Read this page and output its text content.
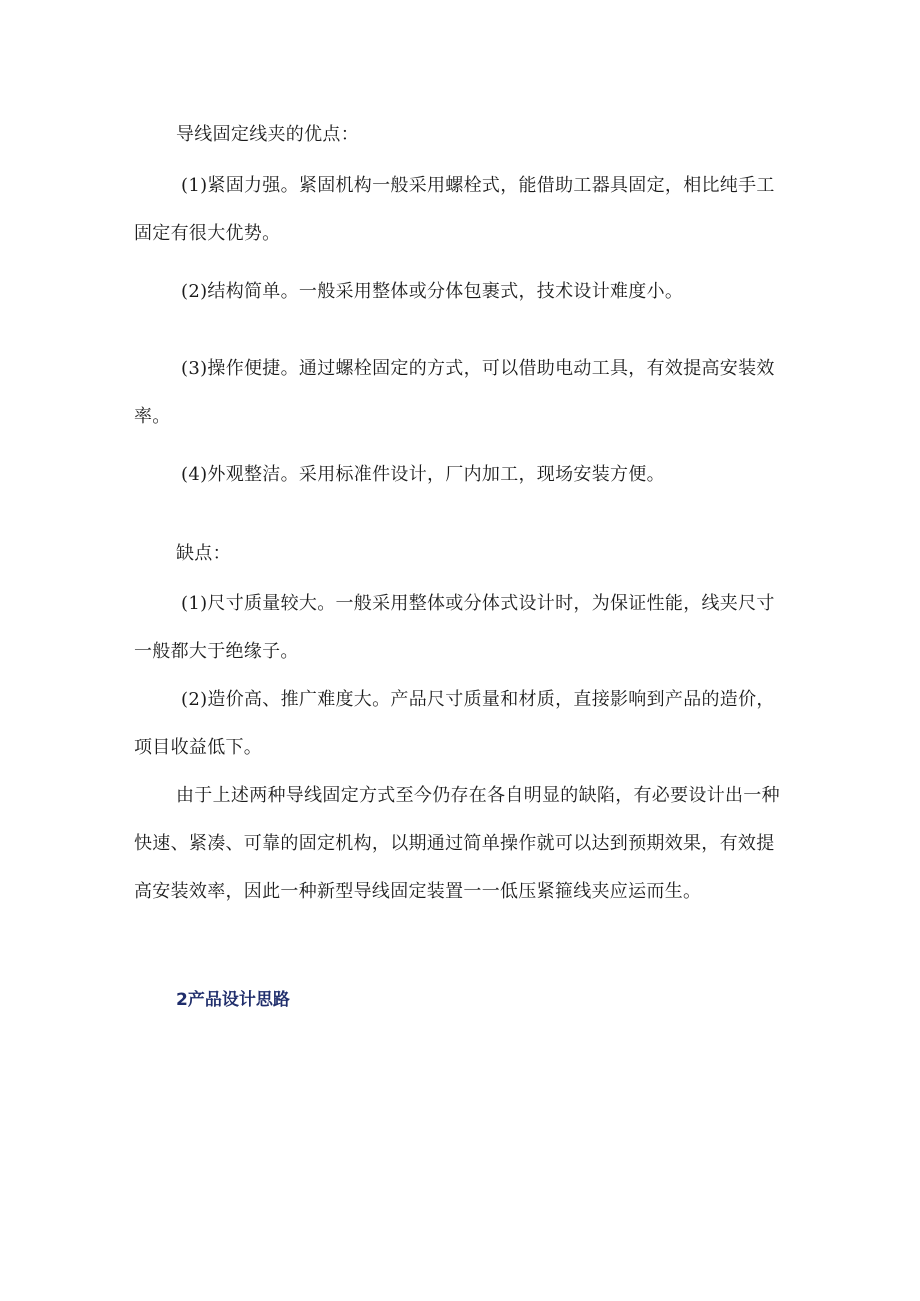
导线固定线夹的优点：
(1)紧固力强。紧固机构一般采用螺栓式，能借助工器具固定，相比纯手工
固定有很大优势。
(2)结构简单。一般采用整体或分体包裹式，技术设计难度小。
(3)操作便捷。通过螺栓固定的方式，可以借助电动工具，有效提高安装效
率。
(4)外观整洁。采用标准件设计，厂内加工，现场安装方便。
缺点：
(1)尺寸质量较大。一般采用整体或分体式设计时，为保证性能，线夹尺寸
一般都大于绝缘子。
(2)造价高、推广难度大。产品尺寸质量和材质，直接影响到产品的造价，
项目收益低下。
由于上述两种导线固定方式至今仍存在各自明显的缺陷，有必要设计出一种
快速、紧凑、可靠的固定机构，以期通过简单操作就可以达到预期效果，有效提
高安装效率，因此一种新型导线固定装置一一低压紧箍线夹应运而生。
2产品设计思路
